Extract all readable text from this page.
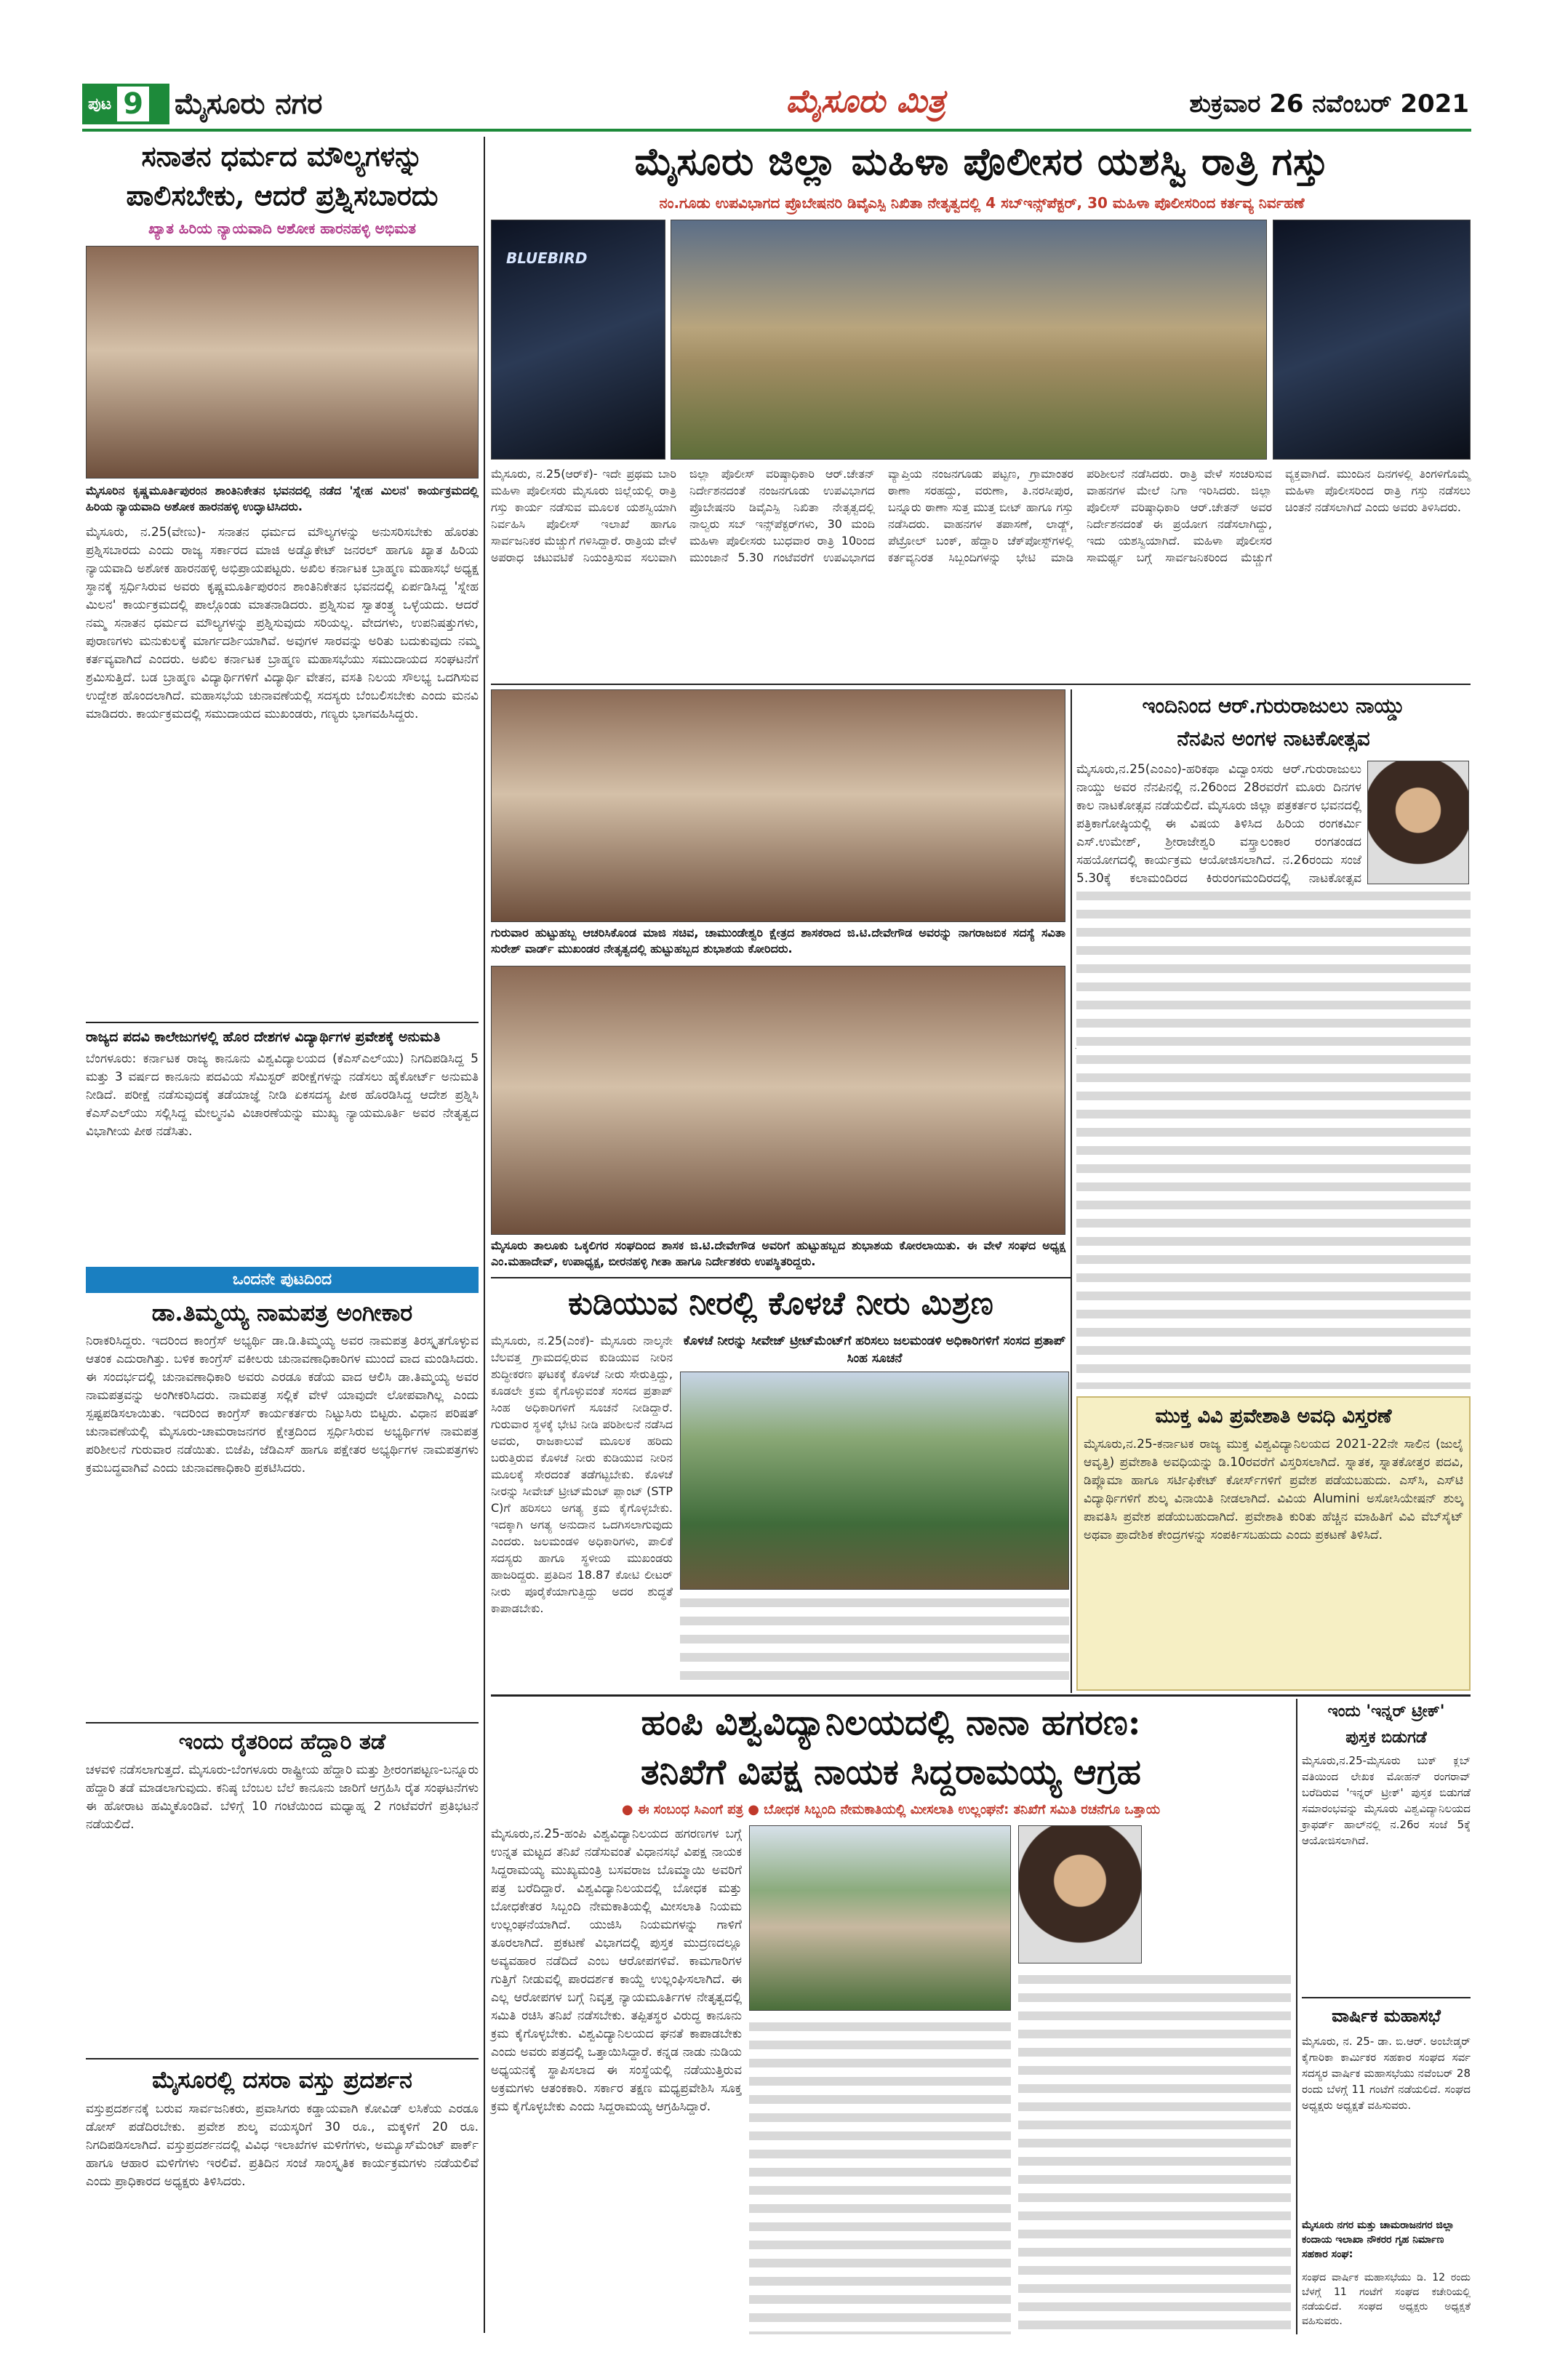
ಪುಟ 9 ಮೈಸೂರು ನಗರ	ಮೈಸೂರು ಮಿತ್ರ	ಶುಕ್ರವಾರ 26 ನವೆಂಬರ್ 2021
ಸನಾತನ ಧರ್ಮದ ಮೌಲ್ಯಗಳನ್ನು ಪಾಲಿಸಬೇಕು, ಆದರೆ ಪ್ರಶ್ನಿಸಬಾರದು
ಖ್ಯಾತ ಹಿರಿಯ ನ್ಯಾಯವಾದಿ ಅಶೋಕ ಹಾರನಹಳ್ಳಿ ಅಭಿಮತ
ಮೈಸೂರಿನ ಕೃಷ್ಣಮೂರ್ತಿಪುರಂನ ಶಾಂತಿನಿಕೇತನ ಭವನದಲ್ಲಿ ನಡೆದ 'ಸ್ನೇಹ ಮಿಲನ' ಕಾರ್ಯಕ್ರಮದಲ್ಲಿ ಹಿರಿಯ ನ್ಯಾಯವಾದಿ ಅಶೋಕ ಹಾರನಹಳ್ಳಿ ಉದ್ಘಾಟಿಸಿದರು.
ಮೈಸೂರು, ನ.25(ವೇಣು)- ಸನಾತನ ಧರ್ಮದ ಮೌಲ್ಯಗಳನ್ನು ಅನುಸರಿಸಬೇಕು ಹೊರತು ಪ್ರಶ್ನಿಸಬಾರದು ಎಂದು ರಾಜ್ಯ ಸರ್ಕಾರದ ಮಾಜಿ ಅಡ್ವೊಕೇಟ್ ಜನರಲ್ ಹಾಗೂ ಖ್ಯಾತ ಹಿರಿಯ ನ್ಯಾಯವಾದಿ ಅಶೋಕ ಹಾರನಹಳ್ಳಿ ಅಭಿಪ್ರಾಯಪಟ್ಟರು. ಅಖಿಲ ಕರ್ನಾಟಕ ಬ್ರಾಹ್ಮಣ ಮಹಾಸಭೆ ಅಧ್ಯಕ್ಷ ಸ್ಥಾನಕ್ಕೆ ಸ್ಪರ್ಧಿಸಿರುವ ಅವರು ಕೃಷ್ಣಮೂರ್ತಿಪುರಂನ ಶಾಂತಿನಿಕೇತನ ಭವನದಲ್ಲಿ ಏರ್ಪಡಿಸಿದ್ದ 'ಸ್ನೇಹ ಮಿಲನ' ಕಾರ್ಯಕ್ರಮದಲ್ಲಿ ಪಾಲ್ಗೊಂಡು ಮಾತನಾಡಿದರು. ಪ್ರಶ್ನಿಸುವ ಸ್ವಾತಂತ್ರ್ಯ ಒಳ್ಳೆಯದು. ಆದರೆ ನಮ್ಮ ಸನಾತನ ಧರ್ಮದ ಮೌಲ್ಯಗಳನ್ನು ಪ್ರಶ್ನಿಸುವುದು ಸರಿಯಲ್ಲ. ವೇದಗಳು, ಉಪನಿಷತ್ತುಗಳು, ಪುರಾಣಗಳು ಮನುಕುಲಕ್ಕೆ ಮಾರ್ಗದರ್ಶಿಯಾಗಿವೆ. ಅವುಗಳ ಸಾರವನ್ನು ಅರಿತು ಬದುಕುವುದು ನಮ್ಮ ಕರ್ತವ್ಯವಾಗಿದೆ ಎಂದರು. ಅಖಿಲ ಕರ್ನಾಟಕ ಬ್ರಾಹ್ಮಣ ಮಹಾಸಭೆಯು ಸಮುದಾಯದ ಸಂಘಟನೆಗೆ ಶ್ರಮಿಸುತ್ತಿದೆ. ಬಡ ಬ್ರಾಹ್ಮಣ ವಿದ್ಯಾರ್ಥಿಗಳಿಗೆ ವಿದ್ಯಾರ್ಥಿ ವೇತನ, ವಸತಿ ನಿಲಯ ಸೌಲಭ್ಯ ಒದಗಿಸುವ ಉದ್ದೇಶ ಹೊಂದಲಾಗಿದೆ. ಮಹಾಸಭೆಯ ಚುನಾವಣೆಯಲ್ಲಿ ಸದಸ್ಯರು ಬೆಂಬಲಿಸಬೇಕು ಎಂದು ಮನವಿ ಮಾಡಿದರು. ಕಾರ್ಯಕ್ರಮದಲ್ಲಿ ಸಮುದಾಯದ ಮುಖಂಡರು, ಗಣ್ಯರು ಭಾಗವಹಿಸಿದ್ದರು.
ರಾಜ್ಯದ ಪದವಿ ಕಾಲೇಜುಗಳಲ್ಲಿ ಹೊರ ದೇಶಗಳ ವಿದ್ಯಾರ್ಥಿಗಳ ಪ್ರವೇಶಕ್ಕೆ ಅನುಮತಿ
ಬೆಂಗಳೂರು: ಕರ್ನಾಟಕ ರಾಜ್ಯ ಕಾನೂನು ವಿಶ್ವವಿದ್ಯಾಲಯದ (ಕೆಎಸ್‌ಎಲ್‌ಯು) ನಿಗದಿಪಡಿಸಿದ್ದ 5 ಮತ್ತು 3 ವರ್ಷದ ಕಾನೂನು ಪದವಿಯ ಸೆಮಿಸ್ಟರ್ ಪರೀಕ್ಷೆಗಳನ್ನು ನಡೆಸಲು ಹೈಕೋರ್ಟ್ ಅನುಮತಿ ನೀಡಿದೆ. ಪರೀಕ್ಷೆ ನಡೆಸುವುದಕ್ಕೆ ತಡೆಯಾಜ್ಞೆ ನೀಡಿ ಏಕಸದಸ್ಯ ಪೀಠ ಹೊರಡಿಸಿದ್ದ ಆದೇಶ ಪ್ರಶ್ನಿಸಿ ಕೆಎಸ್‌ಎಲ್‌ಯು ಸಲ್ಲಿಸಿದ್ದ ಮೇಲ್ಮನವಿ ವಿಚಾರಣೆಯನ್ನು ಮುಖ್ಯ ನ್ಯಾಯಮೂರ್ತಿ ಅವರ ನೇತೃತ್ವದ ವಿಭಾಗೀಯ ಪೀಠ ನಡೆಸಿತು.
ಒಂದನೇ ಪುಟದಿಂದ
ಡಾ.ತಿಮ್ಮಯ್ಯ ನಾಮಪತ್ರ ಅಂಗೀಕಾರ
ನಿರಾಕರಿಸಿದ್ದರು. ಇದರಿಂದ ಕಾಂಗ್ರೆಸ್ ಅಭ್ಯರ್ಥಿ ಡಾ.ಡಿ.ತಿಮ್ಮಯ್ಯ ಅವರ ನಾಮಪತ್ರ ತಿರಸ್ಕೃತಗೊಳ್ಳುವ ಆತಂಕ ಎದುರಾಗಿತ್ತು. ಬಳಿಕ ಕಾಂಗ್ರೆಸ್ ವಕೀಲರು ಚುನಾವಣಾಧಿಕಾರಿಗಳ ಮುಂದೆ ವಾದ ಮಂಡಿಸಿದರು. ಈ ಸಂದರ್ಭದಲ್ಲಿ ಚುನಾವಣಾಧಿಕಾರಿ ಅವರು ಎರಡೂ ಕಡೆಯ ವಾದ ಆಲಿಸಿ ಡಾ.ತಿಮ್ಮಯ್ಯ ಅವರ ನಾಮಪತ್ರವನ್ನು ಅಂಗೀಕರಿಸಿದರು. ನಾಮಪತ್ರ ಸಲ್ಲಿಕೆ ವೇಳೆ ಯಾವುದೇ ಲೋಪವಾಗಿಲ್ಲ ಎಂದು ಸ್ಪಷ್ಟಪಡಿಸಲಾಯಿತು. ಇದರಿಂದ ಕಾಂಗ್ರೆಸ್ ಕಾರ್ಯಕರ್ತರು ನಿಟ್ಟುಸಿರು ಬಿಟ್ಟರು. ವಿಧಾನ ಪರಿಷತ್ ಚುನಾವಣೆಯಲ್ಲಿ ಮೈಸೂರು-ಚಾಮರಾಜನಗರ ಕ್ಷೇತ್ರದಿಂದ ಸ್ಪರ್ಧಿಸಿರುವ ಅಭ್ಯರ್ಥಿಗಳ ನಾಮಪತ್ರ ಪರಿಶೀಲನೆ ಗುರುವಾರ ನಡೆಯಿತು. ಬಿಜೆಪಿ, ಜೆಡಿಎಸ್ ಹಾಗೂ ಪಕ್ಷೇತರ ಅಭ್ಯರ್ಥಿಗಳ ನಾಮಪತ್ರಗಳು ಕ್ರಮಬದ್ಧವಾಗಿವೆ ಎಂದು ಚುನಾವಣಾಧಿಕಾರಿ ಪ್ರಕಟಿಸಿದರು.
ಇಂದು ರೈತರಿಂದ ಹೆದ್ದಾರಿ ತಡೆ
ಚಳವಳಿ ನಡೆಸಲಾಗುತ್ತದೆ. ಮೈಸೂರು-ಬೆಂಗಳೂರು ರಾಷ್ಟ್ರೀಯ ಹೆದ್ದಾರಿ ಮತ್ತು ಶ್ರೀರಂಗಪಟ್ಟಣ-ಬನ್ನೂರು ಹೆದ್ದಾರಿ ತಡೆ ಮಾಡಲಾಗುವುದು. ಕನಿಷ್ಠ ಬೆಂಬಲ ಬೆಲೆ ಕಾನೂನು ಜಾರಿಗೆ ಆಗ್ರಹಿಸಿ ರೈತ ಸಂಘಟನೆಗಳು ಈ ಹೋರಾಟ ಹಮ್ಮಿಕೊಂಡಿವೆ. ಬೆಳಿಗ್ಗೆ 10 ಗಂಟೆಯಿಂದ ಮಧ್ಯಾಹ್ನ 2 ಗಂಟೆವರೆಗೆ ಪ್ರತಿಭಟನೆ ನಡೆಯಲಿದೆ.
ಮೈಸೂರಲ್ಲಿ ದಸರಾ ವಸ್ತು ಪ್ರದರ್ಶನ
ವಸ್ತುಪ್ರದರ್ಶನಕ್ಕೆ ಬರುವ ಸಾರ್ವಜನಿಕರು, ಪ್ರವಾಸಿಗರು ಕಡ್ಡಾಯವಾಗಿ ಕೋವಿಡ್ ಲಸಿಕೆಯ ಎರಡೂ ಡೋಸ್ ಪಡೆದಿರಬೇಕು. ಪ್ರವೇಶ ಶುಲ್ಕ ವಯಸ್ಕರಿಗೆ 30 ರೂ., ಮಕ್ಕಳಿಗೆ 20 ರೂ. ನಿಗದಿಪಡಿಸಲಾಗಿದೆ. ವಸ್ತುಪ್ರದರ್ಶನದಲ್ಲಿ ವಿವಿಧ ಇಲಾಖೆಗಳ ಮಳಿಗೆಗಳು, ಅಮ್ಯೂಸ್‌ಮೆಂಟ್ ಪಾರ್ಕ್ ಹಾಗೂ ಆಹಾರ ಮಳಿಗೆಗಳು ಇರಲಿವೆ. ಪ್ರತಿದಿನ ಸಂಜೆ ಸಾಂಸ್ಕೃತಿಕ ಕಾರ್ಯಕ್ರಮಗಳು ನಡೆಯಲಿವೆ ಎಂದು ಪ್ರಾಧಿಕಾರದ ಅಧ್ಯಕ್ಷರು ತಿಳಿಸಿದರು.
ಮೈಸೂರು ಜಿಲ್ಲಾ ಮಹಿಳಾ ಪೊಲೀಸರ ಯಶಸ್ವಿ ರಾತ್ರಿ ಗಸ್ತು
ನಂ.ಗೂಡು ಉಪವಿಭಾಗದ ಪ್ರೊಬೇಷನರಿ ಡಿವೈಎಸ್ಪಿ ನಿಖಿತಾ ನೇತೃತ್ವದಲ್ಲಿ 4 ಸಬ್‌ಇನ್ಸ್‌ಪೆಕ್ಟರ್, 30 ಮಹಿಳಾ ಪೊಲೀಸರಿಂದ ಕರ್ತವ್ಯ ನಿರ್ವಹಣೆ
BLUEBIRD
ಮೈಸೂರು, ನ.25(ಆರ್‌ಕೆ)- ಇದೇ ಪ್ರಥಮ ಬಾರಿ ಮಹಿಳಾ ಪೊಲೀಸರು ಮೈಸೂರು ಜಿಲ್ಲೆಯಲ್ಲಿ ರಾತ್ರಿ ಗಸ್ತು ಕಾರ್ಯ ನಡೆಸುವ ಮೂಲಕ ಯಶಸ್ವಿಯಾಗಿ ನಿರ್ವಹಿಸಿ ಪೊಲೀಸ್ ಇಲಾಖೆ ಹಾಗೂ ಸಾರ್ವಜನಿಕರ ಮೆಚ್ಚುಗೆ ಗಳಿಸಿದ್ದಾರೆ. ರಾತ್ರಿಯ ವೇಳೆ ಅಪರಾಧ ಚಟುವಟಿಕೆ ನಿಯಂತ್ರಿಸುವ ಸಲುವಾಗಿ ಜಿಲ್ಲಾ ಪೊಲೀಸ್ ವರಿಷ್ಠಾಧಿಕಾರಿ ಆರ್.ಚೇತನ್ ನಿರ್ದೇಶನದಂತೆ ನಂಜನಗೂಡು ಉಪವಿಭಾಗದ ಪ್ರೊಬೇಷನರಿ ಡಿವೈಎಸ್ಪಿ ನಿಖಿತಾ ನೇತೃತ್ವದಲ್ಲಿ ನಾಲ್ವರು ಸಬ್ ಇನ್ಸ್‌ಪೆಕ್ಟರ್‌ಗಳು, 30 ಮಂದಿ ಮಹಿಳಾ ಪೊಲೀಸರು ಬುಧವಾರ ರಾತ್ರಿ 10ರಿಂದ ಮುಂಜಾನೆ 5.30 ಗಂಟೆವರೆಗೆ ಉಪವಿಭಾಗದ ವ್ಯಾಪ್ತಿಯ ನಂಜನಗೂಡು ಪಟ್ಟಣ, ಗ್ರಾಮಾಂತರ ಠಾಣಾ ಸರಹದ್ದು, ವರುಣಾ, ತಿ.ನರಸೀಪುರ, ಬನ್ನೂರು ಠಾಣಾ ಸುತ್ತ ಮುತ್ತ ಬೀಟ್ ಹಾಗೂ ಗಸ್ತು ನಡೆಸಿದರು. ವಾಹನಗಳ ತಪಾಸಣೆ, ಲಾಡ್ಜ್, ಪೆಟ್ರೋಲ್ ಬಂಕ್, ಹೆದ್ದಾರಿ ಚೆಕ್‌ಪೋಸ್ಟ್‌ಗಳಲ್ಲಿ ಕರ್ತವ್ಯನಿರತ ಸಿಬ್ಬಂದಿಗಳನ್ನು ಭೇಟಿ ಮಾಡಿ ಪರಿಶೀಲನೆ ನಡೆಸಿದರು. ರಾತ್ರಿ ವೇಳೆ ಸಂಚರಿಸುವ ವಾಹನಗಳ ಮೇಲೆ ನಿಗಾ ಇರಿಸಿದರು. ಜಿಲ್ಲಾ ಪೊಲೀಸ್ ವರಿಷ್ಠಾಧಿಕಾರಿ ಆರ್.ಚೇತನ್ ಅವರ ನಿರ್ದೇಶನದಂತೆ ಈ ಪ್ರಯೋಗ ನಡೆಸಲಾಗಿದ್ದು, ಇದು ಯಶಸ್ವಿಯಾಗಿದೆ. ಮಹಿಳಾ ಪೊಲೀಸರ ಸಾಮರ್ಥ್ಯ ಬಗ್ಗೆ ಸಾರ್ವಜನಿಕರಿಂದ ಮೆಚ್ಚುಗೆ ವ್ಯಕ್ತವಾಗಿದೆ. ಮುಂದಿನ ದಿನಗಳಲ್ಲಿ ತಿಂಗಳಿಗೊಮ್ಮೆ ಮಹಿಳಾ ಪೊಲೀಸರಿಂದ ರಾತ್ರಿ ಗಸ್ತು ನಡೆಸಲು ಚಿಂತನೆ ನಡೆಸಲಾಗಿದೆ ಎಂದು ಅವರು ತಿಳಿಸಿದರು.
ಗುರುವಾರ ಹುಟ್ಟುಹಬ್ಬ ಆಚರಿಸಿಕೊಂಡ ಮಾಜಿ ಸಚಿವ, ಚಾಮುಂಡೇಶ್ವರಿ ಕ್ಷೇತ್ರದ ಶಾಸಕರಾದ ಜಿ.ಟಿ.ದೇವೇಗೌಡ ಅವರನ್ನು ನಾಗರಾಜಬಿಕ ಸದಸ್ಯೆ ಸವಿತಾ ಸುರೇಶ್ ವಾರ್ಡ್ ಮುಖಂಡರ ನೇತೃತ್ವದಲ್ಲಿ ಹುಟ್ಟುಹಬ್ಬದ ಶುಭಾಶಯ ಕೋರಿದರು.
ಮೈಸೂರು ತಾಲೂಕು ಒಕ್ಕಲಿಗರ ಸಂಘದಿಂದ ಶಾಸಕ ಜಿ.ಟಿ.ದೇವೇಗೌಡ ಅವರಿಗೆ ಹುಟ್ಟುಹಬ್ಬದ ಶುಭಾಶಯ ಕೋರಲಾಯಿತು. ಈ ವೇಳೆ ಸಂಘದ ಅಧ್ಯಕ್ಷ ಎಂ.ಮಹಾದೇವ್, ಉಪಾಧ್ಯಕ್ಷ, ಬೀರನಹಳ್ಳಿ ಗೀತಾ ಹಾಗೂ ನಿರ್ದೇಶಕರು ಉಪಸ್ಥಿತರಿದ್ದರು.
ಇಂದಿನಿಂದ ಆರ್.ಗುರುರಾಜುಲು ನಾಯ್ಡು
ನೆನಪಿನ ಅಂಗಳ ನಾಟಕೋತ್ಸವ
ಮೈಸೂರು,ನ.25(ಎಂಎಂ)-ಹರಿಕಥಾ ವಿದ್ವಾಂಸರು ಆರ್.ಗುರುರಾಜುಲು ನಾಯ್ಡು ಅವರ ನೆನಪಿನಲ್ಲಿ ನ.26ರಿಂದ 28ರವರೆಗೆ ಮೂರು ದಿನಗಳ ಕಾಲ ನಾಟಕೋತ್ಸವ ನಡೆಯಲಿದೆ. ಮೈಸೂರು ಜಿಲ್ಲಾ ಪತ್ರಕರ್ತರ ಭವನದಲ್ಲಿ ಪತ್ರಿಕಾಗೋಷ್ಠಿಯಲ್ಲಿ ಈ ವಿಷಯ ತಿಳಿಸಿದ ಹಿರಿಯ ರಂಗಕರ್ಮಿ ಎಸ್.ಉಮೇಶ್, ಶ್ರೀರಾಜೇಶ್ವರಿ ವಸ್ತ್ರಾಲಂಕಾರ ರಂಗತಂಡದ ಸಹಯೋಗದಲ್ಲಿ ಕಾರ್ಯಕ್ರಮ ಆಯೋಜಿಸಲಾಗಿದೆ. ನ.26ರಂದು ಸಂಜೆ 5.30ಕ್ಕೆ ಕಲಾಮಂದಿರದ ಕಿರುರಂಗಮಂದಿರದಲ್ಲಿ ನಾಟಕೋತ್ಸವ
ಮುಕ್ತ ವಿವಿ ಪ್ರವೇಶಾತಿ ಅವಧಿ ವಿಸ್ತರಣೆ
ಮೈಸೂರು,ನ.25-ಕರ್ನಾಟಕ ರಾಜ್ಯ ಮುಕ್ತ ವಿಶ್ವವಿದ್ಯಾನಿಲಯದ 2021-22ನೇ ಸಾಲಿನ (ಜುಲೈ ಆವೃತ್ತಿ) ಪ್ರವೇಶಾತಿ ಅವಧಿಯನ್ನು ಡಿ.10ರವರೆಗೆ ವಿಸ್ತರಿಸಲಾಗಿದೆ. ಸ್ನಾತಕ, ಸ್ನಾತಕೋತ್ತರ ಪದವಿ, ಡಿಪ್ಲೊಮಾ ಹಾಗೂ ಸರ್ಟಿಫಿಕೇಟ್ ಕೋರ್ಸ್‌ಗಳಿಗೆ ಪ್ರವೇಶ ಪಡೆಯಬಹುದು. ಎಸ್‌ಸಿ, ಎಸ್‌ಟಿ ವಿದ್ಯಾರ್ಥಿಗಳಿಗೆ ಶುಲ್ಕ ವಿನಾಯಿತಿ ನೀಡಲಾಗಿದೆ. ವಿವಿಯ Alumini ಅಸೋಸಿಯೇಷನ್ ಶುಲ್ಕ ಪಾವತಿಸಿ ಪ್ರವೇಶ ಪಡೆಯಬಹುದಾಗಿದೆ. ಪ್ರವೇಶಾತಿ ಕುರಿತು ಹೆಚ್ಚಿನ ಮಾಹಿತಿಗೆ ವಿವಿ ವೆಬ್‌ಸೈಟ್ ಅಥವಾ ಪ್ರಾದೇಶಿಕ ಕೇಂದ್ರಗಳನ್ನು ಸಂಪರ್ಕಿಸಬಹುದು ಎಂದು ಪ್ರಕಟಣೆ ತಿಳಿಸಿದೆ.
ಕುಡಿಯುವ ನೀರಲ್ಲಿ ಕೊಳಚೆ ನೀರು ಮಿಶ್ರಣ
ಮೈಸೂರು, ನ.25(ಎಂಕೆ)- ಮೈಸೂರು ನಾಲ್ಕನೇ ಬೆಲವತ್ತ ಗ್ರಾಮದಲ್ಲಿರುವ ಕುಡಿಯುವ ನೀರಿನ ಶುದ್ಧೀಕರಣ ಘಟಕಕ್ಕೆ ಕೊಳಚೆ ನೀರು ಸೇರುತ್ತಿದ್ದು, ಕೂಡಲೇ ಕ್ರಮ ಕೈಗೊಳ್ಳುವಂತೆ ಸಂಸದ ಪ್ರತಾಪ್ ಸಿಂಹ ಅಧಿಕಾರಿಗಳಿಗೆ ಸೂಚನೆ ನೀಡಿದ್ದಾರೆ. ಗುರುವಾರ ಸ್ಥಳಕ್ಕೆ ಭೇಟಿ ನೀಡಿ ಪರಿಶೀಲನೆ ನಡೆಸಿದ ಅವರು, ರಾಜಕಾಲುವೆ ಮೂಲಕ ಹರಿದು ಬರುತ್ತಿರುವ ಕೊಳಚೆ ನೀರು ಕುಡಿಯುವ ನೀರಿನ ಮೂಲಕ್ಕೆ ಸೇರದಂತೆ ತಡೆಗಟ್ಟಬೇಕು. ಕೊಳಚೆ ನೀರನ್ನು ಸೀವೇಜ್ ಟ್ರೀಟ್‌ಮೆಂಟ್ ಪ್ಲಾಂಟ್ (STP C)ಗೆ ಹರಿಸಲು ಅಗತ್ಯ ಕ್ರಮ ಕೈಗೊಳ್ಳಬೇಕು. ಇದಕ್ಕಾಗಿ ಅಗತ್ಯ ಅನುದಾನ ಒದಗಿಸಲಾಗುವುದು ಎಂದರು. ಜಲಮಂಡಳಿ ಅಧಿಕಾರಿಗಳು, ಪಾಲಿಕೆ ಸದಸ್ಯರು ಹಾಗೂ ಸ್ಥಳೀಯ ಮುಖಂಡರು ಹಾಜರಿದ್ದರು. ಪ್ರತಿದಿನ 18.87 ಕೋಟಿ ಲೀಟರ್ ನೀರು ಪೂರೈಕೆಯಾಗುತ್ತಿದ್ದು ಅದರ ಶುದ್ಧತೆ ಕಾಪಾಡಬೇಕು.
ಕೊಳಚೆ ನೀರನ್ನು ಸೀವೇಜ್ ಟ್ರೀಟ್‌ಮೆಂಟ್‌ಗೆ ಹರಿಸಲು ಜಲಮಂಡಳಿ ಅಧಿಕಾರಿಗಳಿಗೆ ಸಂಸದ ಪ್ರತಾಪ್ ಸಿಂಹ ಸೂಚನೆ
ಹಂಪಿ ವಿಶ್ವವಿದ್ಯಾನಿಲಯದಲ್ಲಿ ನಾನಾ ಹಗರಣ:
ತನಿಖೆಗೆ ವಿಪಕ್ಷ ನಾಯಕ ಸಿದ್ದರಾಮಯ್ಯ ಆಗ್ರಹ
● ಈ ಸಂಬಂಧ ಸಿಎಂಗೆ ಪತ್ರ ● ಬೋಧಕ ಸಿಬ್ಬಂದಿ ನೇಮಕಾತಿಯಲ್ಲಿ ಮೀಸಲಾತಿ ಉಲ್ಲಂಘನೆ: ತನಿಖೆಗೆ ಸಮಿತಿ ರಚನೆಗೂ ಒತ್ತಾಯ
ಮೈಸೂರು,ನ.25-ಹಂಪಿ ವಿಶ್ವವಿದ್ಯಾನಿಲಯದ ಹಗರಣಗಳ ಬಗ್ಗೆ ಉನ್ನತ ಮಟ್ಟದ ತನಿಖೆ ನಡೆಸುವಂತೆ ವಿಧಾನಸಭೆ ವಿಪಕ್ಷ ನಾಯಕ ಸಿದ್ದರಾಮಯ್ಯ ಮುಖ್ಯಮಂತ್ರಿ ಬಸವರಾಜ ಬೊಮ್ಮಾಯಿ ಅವರಿಗೆ ಪತ್ರ ಬರೆದಿದ್ದಾರೆ. ವಿಶ್ವವಿದ್ಯಾನಿಲಯದಲ್ಲಿ ಬೋಧಕ ಮತ್ತು ಬೋಧಕೇತರ ಸಿಬ್ಬಂದಿ ನೇಮಕಾತಿಯಲ್ಲಿ ಮೀಸಲಾತಿ ನಿಯಮ ಉಲ್ಲಂಘನೆಯಾಗಿದೆ. ಯುಜಿಸಿ ನಿಯಮಗಳನ್ನು ಗಾಳಿಗೆ ತೂರಲಾಗಿದೆ. ಪ್ರಕಟಣೆ ವಿಭಾಗದಲ್ಲಿ ಪುಸ್ತಕ ಮುದ್ರಣದಲ್ಲೂ ಅವ್ಯವಹಾರ ನಡೆದಿದೆ ಎಂಬ ಆರೋಪಗಳಿವೆ. ಕಾಮಗಾರಿಗಳ ಗುತ್ತಿಗೆ ನೀಡುವಲ್ಲಿ ಪಾರದರ್ಶಕ ಕಾಯ್ದೆ ಉಲ್ಲಂಘಿಸಲಾಗಿದೆ. ಈ ಎಲ್ಲ ಆರೋಪಗಳ ಬಗ್ಗೆ ನಿವೃತ್ತ ನ್ಯಾಯಮೂರ್ತಿಗಳ ನೇತೃತ್ವದಲ್ಲಿ ಸಮಿತಿ ರಚಿಸಿ ತನಿಖೆ ನಡೆಸಬೇಕು. ತಪ್ಪಿತಸ್ಥರ ವಿರುದ್ಧ ಕಾನೂನು ಕ್ರಮ ಕೈಗೊಳ್ಳಬೇಕು. ವಿಶ್ವವಿದ್ಯಾನಿಲಯದ ಘನತೆ ಕಾಪಾಡಬೇಕು ಎಂದು ಅವರು ಪತ್ರದಲ್ಲಿ ಒತ್ತಾಯಿಸಿದ್ದಾರೆ. ಕನ್ನಡ ನಾಡು ನುಡಿಯ ಅಧ್ಯಯನಕ್ಕೆ ಸ್ಥಾಪಿಸಲಾದ ಈ ಸಂಸ್ಥೆಯಲ್ಲಿ ನಡೆಯುತ್ತಿರುವ ಅಕ್ರಮಗಳು ಆತಂಕಕಾರಿ. ಸರ್ಕಾರ ತಕ್ಷಣ ಮಧ್ಯಪ್ರವೇಶಿಸಿ ಸೂಕ್ತ ಕ್ರಮ ಕೈಗೊಳ್ಳಬೇಕು ಎಂದು ಸಿದ್ದರಾಮಯ್ಯ ಆಗ್ರಹಿಸಿದ್ದಾರೆ.
ಇಂದು 'ಇನ್ನರ್ ಟ್ರೀಕ್'
ಪುಸ್ತಕ ಬಿಡುಗಡೆ
ಮೈಸೂರು,ನ.25-ಮೈಸೂರು ಬುಕ್ ಕ್ಲಬ್ ವತಿಯಿಂದ ಲೇಖಕ ಮೋಹನ್ ರಂಗರಾವ್ ಬರೆದಿರುವ 'ಇನ್ನರ್ ಟ್ರೀಕ್' ಪುಸ್ತಕ ಬಿಡುಗಡೆ ಸಮಾರಂಭವನ್ನು ಮೈಸೂರು ವಿಶ್ವವಿದ್ಯಾನಿಲಯದ ಕ್ರಾಫರ್ಡ್ ಹಾಲ್‌ನಲ್ಲಿ ನ.26ರ ಸಂಜೆ 5ಕ್ಕೆ ಆಯೋಜಿಸಲಾಗಿದೆ.
ವಾರ್ಷಿಕ ಮಹಾಸಭೆ
ಮೈಸೂರು, ನ. 25- ಡಾ. ಬಿ.ಆರ್. ಅಂಬೇಡ್ಕರ್ ಕೈಗಾರಿಕಾ ಕಾರ್ಮಿಕರ ಸಹಕಾರ ಸಂಘದ ಸರ್ವ ಸದಸ್ಯರ ವಾರ್ಷಿಕ ಮಹಾಸಭೆಯು ನವೆಂಬರ್ 28 ರಂದು ಬೆಳಗ್ಗೆ 11 ಗಂಟೆಗೆ ನಡೆಯಲಿದೆ. ಸಂಘದ ಅಧ್ಯಕ್ಷರು ಅಧ್ಯಕ್ಷತೆ ವಹಿಸುವರು.
ಮೈಸೂರು ನಗರ ಮತ್ತು ಚಾಮರಾಜನಗರ ಜಿಲ್ಲಾ ಕಂದಾಯ ಇಲಾಖಾ ನೌಕರರ ಗೃಹ ನಿರ್ಮಾಣ ಸಹಕಾರ ಸಂಘ:
ಸಂಘದ ವಾರ್ಷಿಕ ಮಹಾಸಭೆಯು ಡಿ. 12 ರಂದು ಬೆಳಗ್ಗೆ 11 ಗಂಟೆಗೆ ಸಂಘದ ಕಚೇರಿಯಲ್ಲಿ ನಡೆಯಲಿದೆ. ಸಂಘದ ಅಧ್ಯಕ್ಷರು ಅಧ್ಯಕ್ಷತೆ ವಹಿಸುವರು.
